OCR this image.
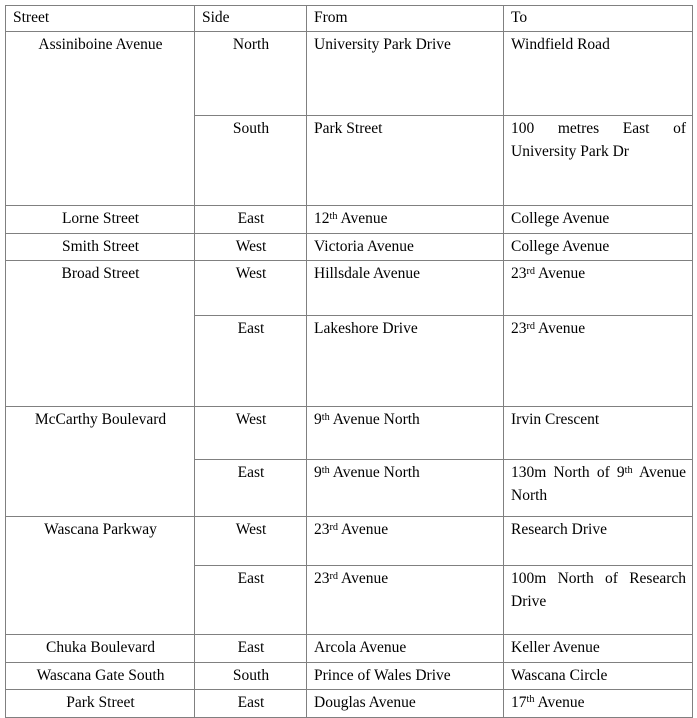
Street	Side	From	To
Assiniboine Avenue	North	University Park Drive	Windfield Road

	South	Park Street	100 metres East of University Park Dr

Lorne Street	East	12th Avenue	College Avenue

Smith Street	West	Victoria Avenue	College Avenue

Broad Street	West	Hillsdale Avenue	23rd Avenue

	East	Lakeshore Drive	23rd Avenue

McCarthy Boulevard	West	9th Avenue North	Irvin Crescent

	East	9th Avenue North	130m North of 9th Avenue North

Wascana Parkway	West	23rd Avenue	Research Drive

	East	23rd Avenue	100m North of Research Drive

Chuka Boulevard	East	Arcola Avenue	Keller Avenue

Wascana Gate South	South	Prince of Wales Drive	Wascana Circle

Park Street	East	Douglas Avenue	17th Avenue
